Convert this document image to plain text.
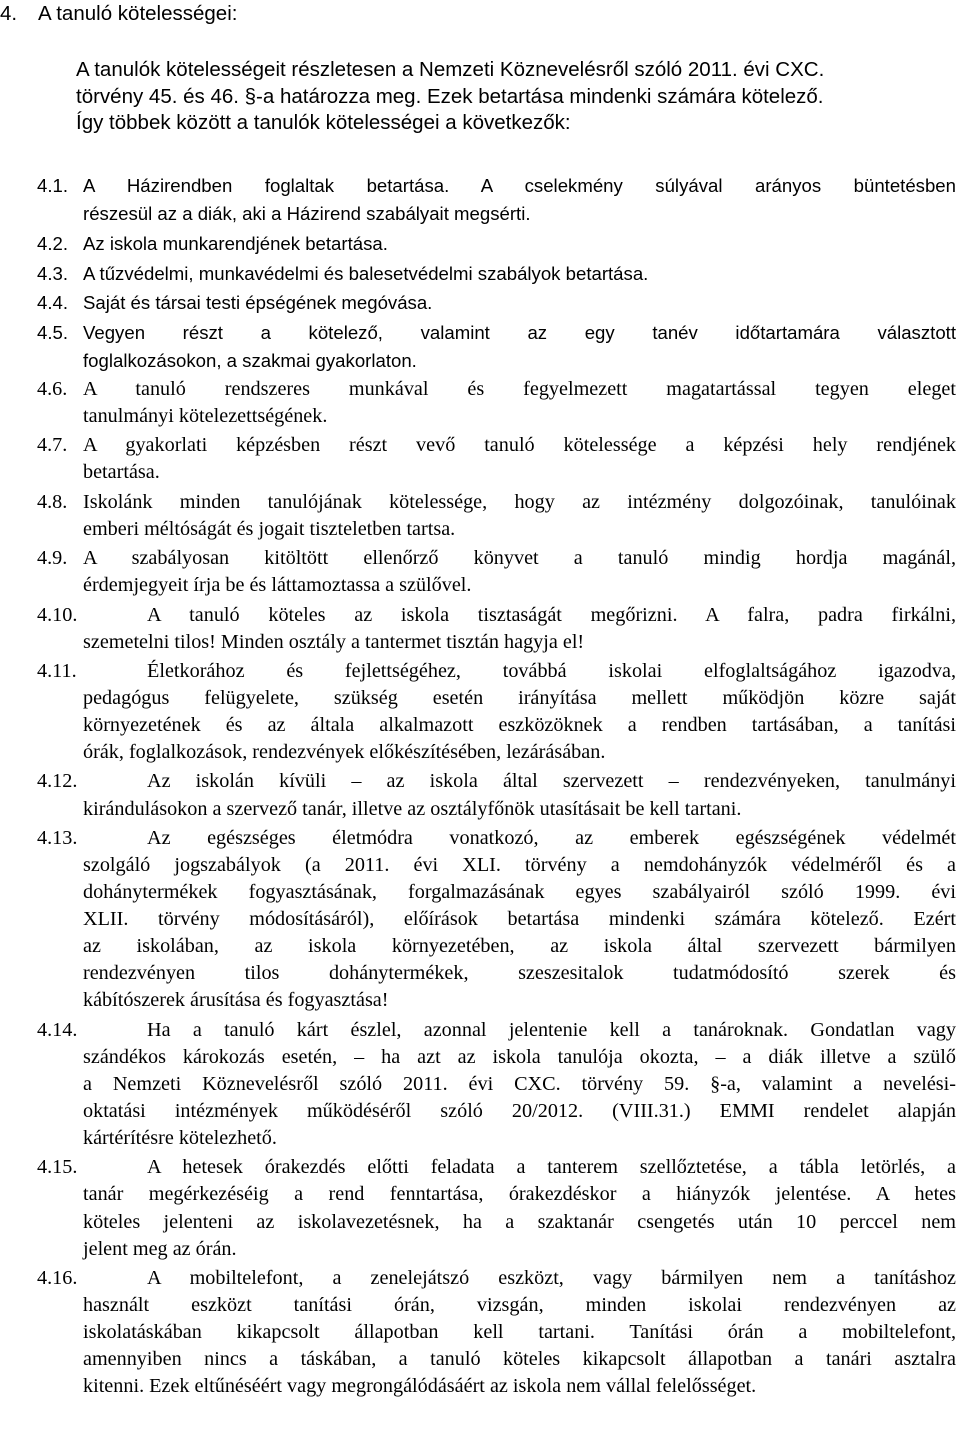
4. A tanuló kötelességei:

A tanulók kötelességeit részletesen a Nemzeti Köznevelésről szóló 2011. évi CXC.

törvény 45. és 46. §-a határozza meg. Ezek betartása mindenki számára kötelező.

Így többek között a tanulók kötelességei a következők:

4.1. A Házirendben foglaltak betartása. A cselekmény súlyával arányos büntetésben
részesül az a diák, aki a Házirend szabályait megsérti.
4.2. Az iskola munkarendjének betartása.
4.3. A tűzvédelmi, munkavédelmi és balesetvédelmi szabályok betartása.
4.4. Saját és társai testi épségének megóvása.
4.5. Vegyen részt a kötelező, valamint az egy tanév időtartamára választott
foglalkozásokon, a szakmai gyakorlaton.
4.6. A tanuló rendszeres munkával és fegyelmezett magatartással tegyen eleget
tanulmányi kötelezettségének.
4.7. A gyakorlati képzésben részt vevő tanuló kötelessége a képzési hely rendjének
betartása.
4.8. Iskolánk minden tanulójának kötelessége, hogy az intézmény dolgozóinak, tanulóinak
emberi méltóságát és jogait tiszteletben tartsa.
4.9. A szabályosan kitöltött ellenőrző könyvet a tanuló mindig hordja magánál,
érdemjegyeit írja be és láttamoztassa a szülővel.
4.10.	A tanuló köteles az iskola tisztaságát megőrizni. A falra, padra firkálni,
szemetelni tilos! Minden osztály a tantermet tisztán hagyja el!
4.11.	Életkorához és fejlettségéhez, továbbá iskolai elfoglaltságához igazodva,
pedagógus felügyelete, szükség esetén irányítása mellett működjön közre saját
környezetének és az általa alkalmazott eszközöknek a rendben tartásában, a tanítási
órák, foglalkozások, rendezvények előkészítésében, lezárásában.
4.12.	Az iskolán kívüli – az iskola által szervezett – rendezvényeken, tanulmányi
kirándulásokon a szervező tanár, illetve az osztályfőnök utasításait be kell tartani.
4.13.	Az egészséges életmódra vonatkozó, az emberek egészségének védelmét
szolgáló jogszabályok (a 2011. évi XLI. törvény a nemdohányzók védelméről és a
dohánytermékek fogyasztásának, forgalmazásának egyes szabályairól szóló 1999. évi
XLII. törvény módosításáról), előírások betartása mindenki számára kötelező. Ezért
az iskolában, az iskola környezetében, az iskola által szervezett bármilyen
rendezvényen tilos dohánytermékek, szeszesitalok tudatmódosító szerek és
kábítószerek árusítása és fogyasztása!
4.14.	Ha a tanuló kárt észlel, azonnal jelentenie kell a tanároknak. Gondatlan vagy
szándékos károkozás esetén, – ha azt az iskola tanulója okozta, – a diák illetve a szülő
a Nemzeti Köznevelésről szóló 2011. évi CXC. törvény 59. §-a, valamint a nevelési-
oktatási intézmények működéséről szóló 20/2012. (VIII.31.) EMMI rendelet alapján
kártérítésre kötelezhető.
4.15.	A hetesek órakezdés előtti feladata a tanterem szellőztetése, a tábla letörlés, a
tanár megérkezéséig a rend fenntartása, órakezdéskor a hiányzók jelentése. A hetes
köteles jelenteni az iskolavezetésnek, ha a szaktanár csengetés után 10 perccel nem
jelent meg az órán.
4.16.	A mobiltelefont, a zenelejátszó eszközt, vagy bármilyen nem a tanításhoz
használt eszközt tanítási órán, vizsgán, minden iskolai rendezvényen az
iskolatáskában kikapcsolt állapotban kell tartani. Tanítási órán a mobiltelefont,
amennyiben nincs a táskában, a tanuló köteles kikapcsolt állapotban a tanári asztalra
kitenni. Ezek eltűnéséért vagy megrongálódásáért az iskola nem vállal felelősséget.
